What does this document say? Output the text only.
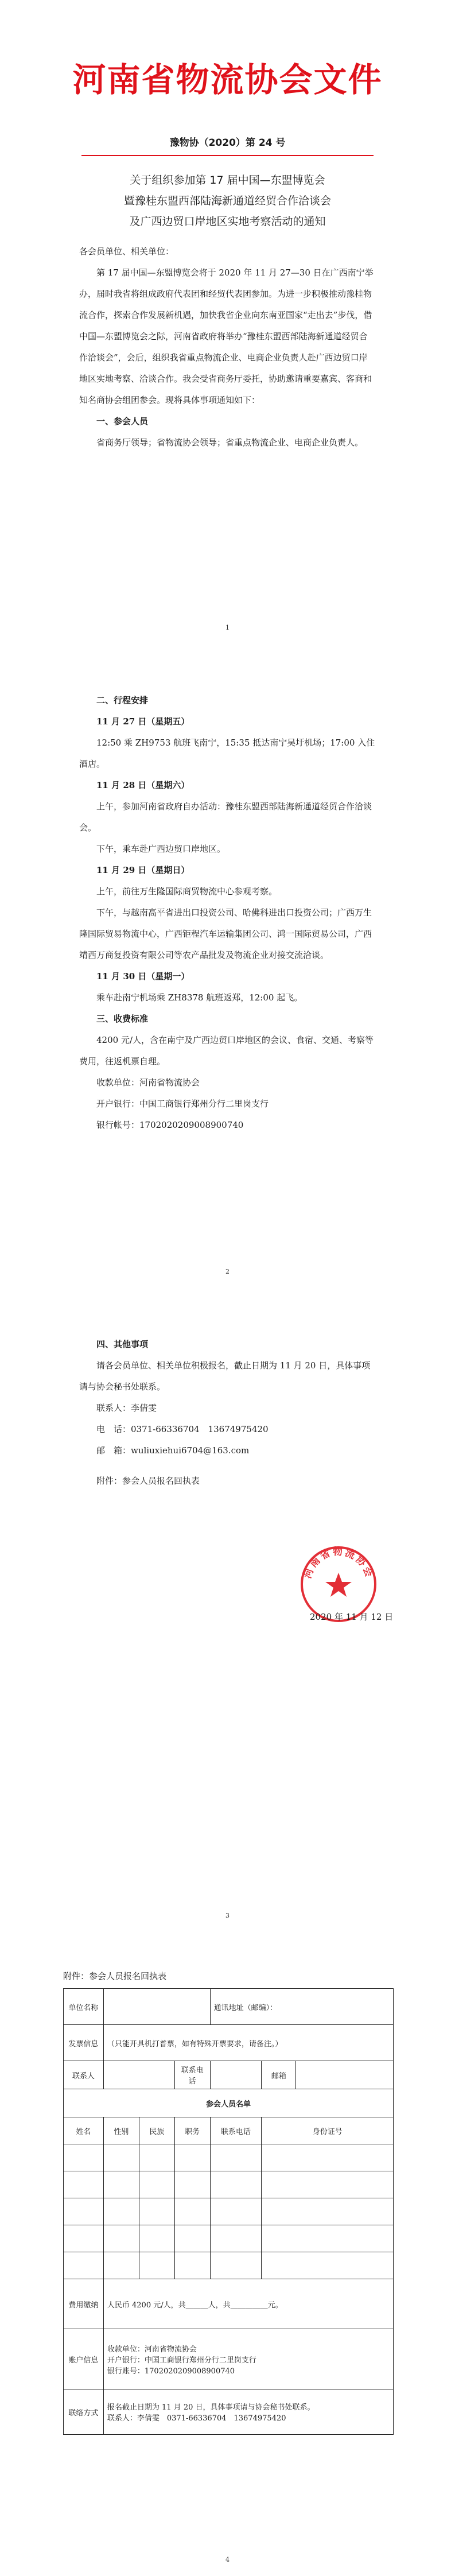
河南省物流协会文件
豫物协（2020）第 24 号
关于组织参加第 17 届中国—东盟博览会
暨豫桂东盟西部陆海新通道经贸合作洽谈会
及广西边贸口岸地区实地考察活动的通知

各会员单位、相关单位：

第 17 届中国—东盟博览会将于 2020 年 11 月 27—30 日在广西南宁举办，届时我省将组成政府代表团和经贸代表团参加。为进一步积极推动豫桂物流合作，探索合作发展新机遇，加快我省企业向东南亚国家“走出去”步伐，借中国—东盟博览会之际，河南省政府将举办“豫桂东盟西部陆海新通道经贸合作洽谈会”，会后，组织我省重点物流企业、电商企业负责人赴广西边贸口岸地区实地考察、洽谈合作。我会受省商务厅委托，协助邀请重要嘉宾、客商和知名商协会组团参会。现将具体事项通知如下：

一、参会人员

省商务厅领导；省物流协会领导；省重点物流企业、电商企业负责人。

1

二、行程安排

11 月 27 日（星期五）

12:50 乘 ZH9753 航班飞南宁，15:35 抵达南宁吴圩机场；17:00 入住酒店。

11 月 28 日（星期六）

上午，参加河南省政府自办活动：豫桂东盟西部陆海新通道经贸合作洽谈会。

下午，乘车赴广西边贸口岸地区。

11 月 29 日（星期日）

上午，前往万生隆国际商贸物流中心参观考察。

下午，与越南高平省进出口投资公司、哈佛科进出口投资公司；广西万生隆国际贸易物流中心，广西钜程汽车运输集团公司、鸿一国际贸易公司，广西靖西万商复投资有限公司等农产品批发及物流企业对接交流洽谈。

11 月 30 日（星期一）

乘车赴南宁机场乘 ZH8378 航班返郑，12:00 起飞。

三、收费标准

4200 元/人，含在南宁及广西边贸口岸地区的会议、食宿、交通、考察等费用，往返机票自理。

收款单位：河南省物流协会

开户银行：中国工商银行郑州分行二里岗支行

银行帐号：1702020209008900740

2

四、其他事项

请各会员单位、相关单位积极报名，截止日期为 11 月 20 日，具体事项请与协会秘书处联系。

联系人：李倩雯

电　话：0371-66336704　13674975420

邮　箱：wuliuxiehui6704@163.com

附件：参会人员报名回执表

河南省物流协会
2020 年 11 月 12 日
3
附件：参会人员报名回执表
单位名称				通讯地址（邮编）：		
发票信息	（只能开具机打普票，如有特殊开票要求，请备注。）					
联系人			联系电话		邮箱	
参会人员名单						
姓名	性别	民族	职务	联系电话	身份证号	

费用缴纳	人民币 4200 元/人，共＿＿＿人，共＿＿＿＿＿元。					
账户信息	收款单位：河南省物流协会
开户银行：中国工商银行郑州分行二里岗支行
银行账号：1702020209008900740					

联络方式	报名截止日期为 11 月 20 日，具体事项请与协会秘书处联系。
联系人：李倩雯　0371-66336704　13674975420					
4
